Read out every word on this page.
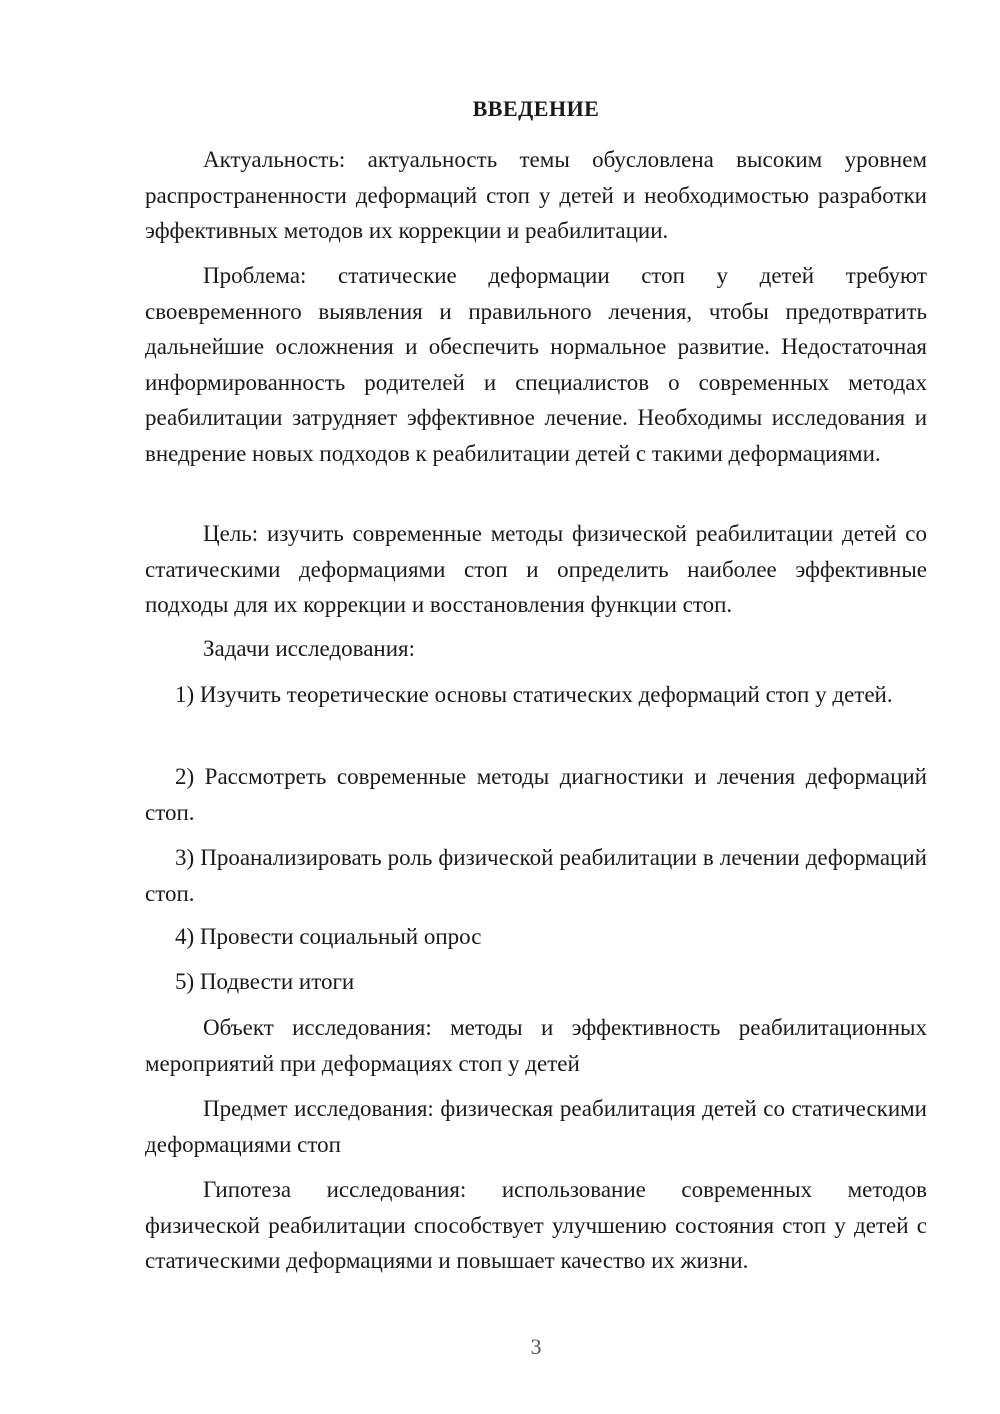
ВВЕДЕНИЕ

Актуальность: актуальность темы обусловлена высоким уровнем распространенности деформаций стоп у детей и необходимостью разработки эффективных методов их коррекции и реабилитации.

Проблема: статические деформации стоп у детей требуют своевременного выявления и правильного лечения, чтобы предотвратить дальнейшие осложнения и обеспечить нормальное развитие. Недостаточная информированность родителей и специалистов о современных методах реабилитации затрудняет эффективное лечение. Необходимы исследования и внедрение новых подходов к реабилитации детей с такими деформациями.

Цель: изучить современные методы физической реабилитации детей со статическими деформациями стоп и определить наиболее эффективные подходы для их коррекции и восстановления функции стоп.

Задачи исследования:

1) Изучить теоретические основы статических деформаций стоп у детей.

2) Рассмотреть современные методы диагностики и лечения деформаций стоп.

3) Проанализировать роль физической реабилитации в лечении деформаций стоп.

4) Провести социальный опрос

5) Подвести итоги

Объект исследования: методы и эффективность реабилитационных мероприятий при деформациях стоп у детей

Предмет исследования: физическая реабилитация детей со статическими деформациями стоп

Гипотеза исследования: использование современных методов физической реабилитации способствует улучшению состояния стоп у детей с статическими деформациями и повышает качество их жизни.

3
